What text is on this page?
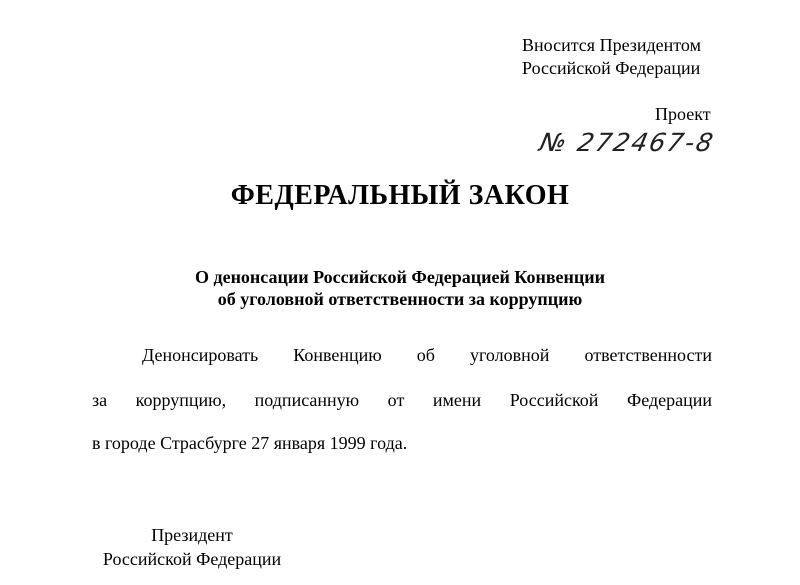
Вносится Президентом
Российской Федерации
Проект
№ 272467-8
ФЕДЕРАЛЬНЫЙ ЗАКОН
О денонсации Российской Федерацией Конвенции
об уголовной ответственности за коррупцию
Денонсировать Конвенцию об уголовной ответственности
за коррупцию, подписанную от имени Российской Федерации
в городе Страсбурге 27 января 1999 года.
Президент
Российской Федерации
